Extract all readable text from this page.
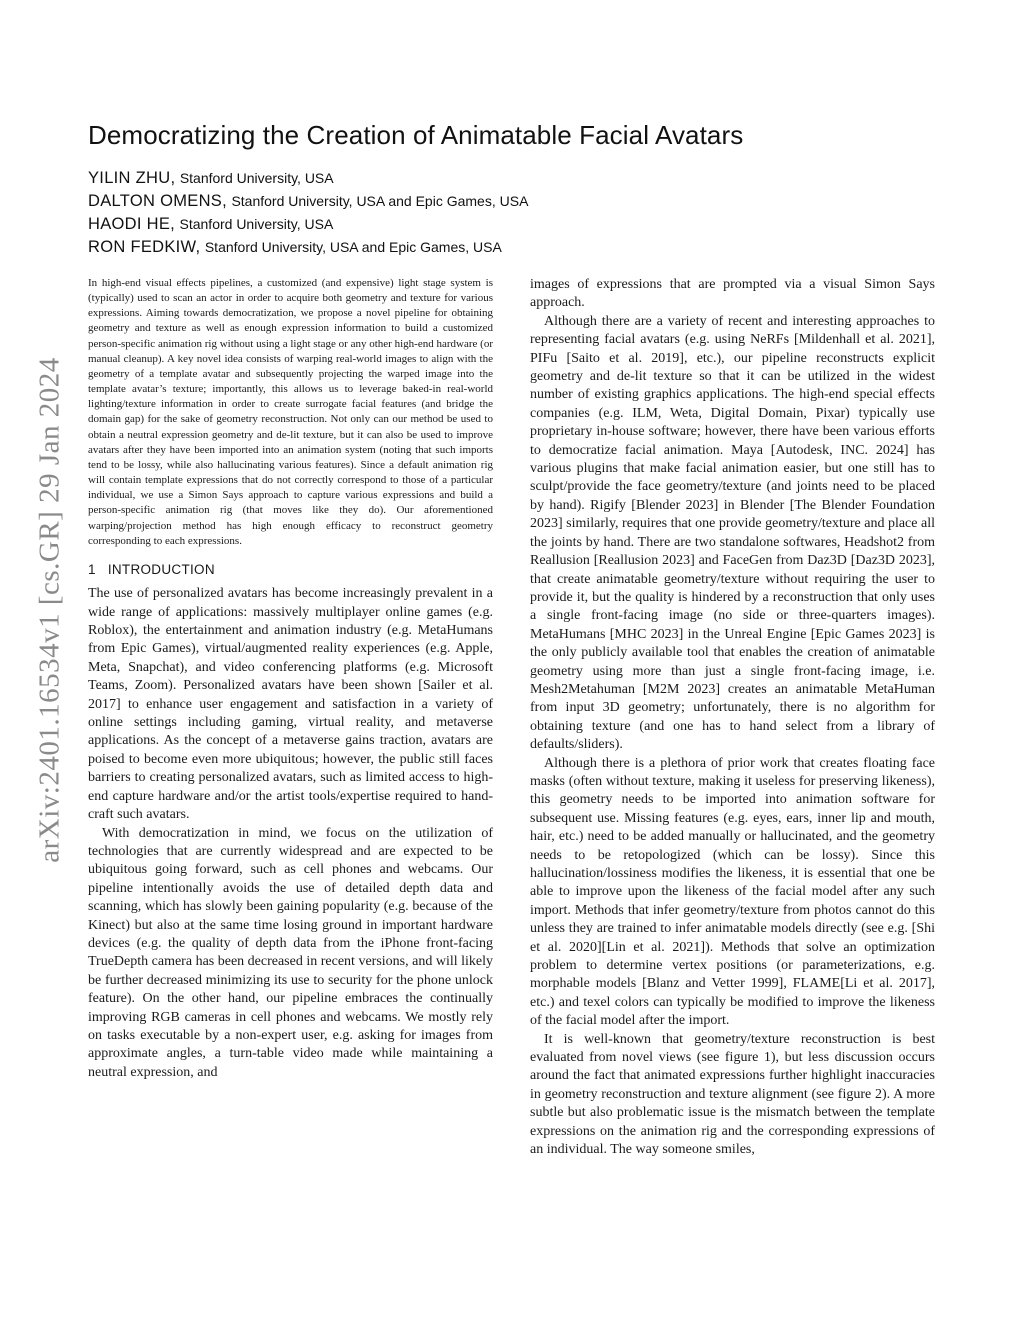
arXiv:2401.16534v1 [cs.GR] 29 Jan 2024
Democratizing the Creation of Animatable Facial Avatars

YILIN ZHU, Stanford University, USA

DALTON OMENS, Stanford University, USA and Epic Games, USA

HAODI HE, Stanford University, USA

RON FEDKIW, Stanford University, USA and Epic Games, USA

In high-end visual effects pipelines, a customized (and expensive) light stage system is (typically) used to scan an actor in order to acquire both geometry and texture for various expressions. Aiming towards democratization, we propose a novel pipeline for obtaining geometry and texture as well as enough expression information to build a customized person-specific animation rig without using a light stage or any other high-end hardware (or manual cleanup). A key novel idea consists of warping real-world images to align with the geometry of a template avatar and subsequently projecting the warped image into the template avatar’s texture; importantly, this allows us to leverage baked-in real-world lighting/texture information in order to create surrogate facial features (and bridge the domain gap) for the sake of geometry reconstruction. Not only can our method be used to obtain a neutral expression geometry and de-lit texture, but it can also be used to improve avatars after they have been imported into an animation system (noting that such imports tend to be lossy, while also hallucinating various features). Since a default animation rig will contain template expressions that do not correctly correspond to those of a particular individual, we use a Simon Says approach to capture various expressions and build a person-specific animation rig (that moves like they do). Our aforementioned warping/projection method has high enough efficacy to reconstruct geometry corresponding to each expressions.

1 INTRODUCTION

The use of personalized avatars has become increasingly prevalent in a wide range of applications: massively multiplayer online games (e.g. Roblox), the entertainment and animation industry (e.g. MetaHumans from Epic Games), virtual/augmented reality experiences (e.g. Apple, Meta, Snapchat), and video conferencing platforms (e.g. Microsoft Teams, Zoom). Personalized avatars have been shown [Sailer et al. 2017] to enhance user engagement and satisfaction in a variety of online settings including gaming, virtual reality, and metaverse applications. As the concept of a metaverse gains traction, avatars are poised to become even more ubiquitous; however, the public still faces barriers to creating personalized avatars, such as limited access to high-end capture hardware and/or the artist tools/expertise required to hand-craft such avatars.

With democratization in mind, we focus on the utilization of technologies that are currently widespread and are expected to be ubiquitous going forward, such as cell phones and webcams. Our pipeline intentionally avoids the use of detailed depth data and scanning, which has slowly been gaining popularity (e.g. because of the Kinect) but also at the same time losing ground in important hardware devices (e.g. the quality of depth data from the iPhone front-facing TrueDepth camera has been decreased in recent versions, and will likely be further decreased minimizing its use to security for the phone unlock feature). On the other hand, our pipeline embraces the continually improving RGB cameras in cell phones and webcams. We mostly rely on tasks executable by a non-expert user, e.g. asking for images from approximate angles, a turn-table video made while maintaining a neutral expression, and

images of expressions that are prompted via a visual Simon Says approach.

Although there are a variety of recent and interesting approaches to representing facial avatars (e.g. using NeRFs [Mildenhall et al. 2021], PIFu [Saito et al. 2019], etc.), our pipeline reconstructs explicit geometry and de-lit texture so that it can be utilized in the widest number of existing graphics applications. The high-end special effects companies (e.g. ILM, Weta, Digital Domain, Pixar) typically use proprietary in-house software; however, there have been various efforts to democratize facial animation. Maya [Autodesk, INC. 2024] has various plugins that make facial animation easier, but one still has to sculpt/provide the face geometry/texture (and joints need to be placed by hand). Rigify [Blender 2023] in Blender [The Blender Foundation 2023] similarly, requires that one provide geometry/texture and place all the joints by hand. There are two standalone softwares, Headshot2 from Reallusion [Reallusion 2023] and FaceGen from Daz3D [Daz3D 2023], that create animatable geometry/texture without requiring the user to provide it, but the quality is hindered by a reconstruction that only uses a single front-facing image (no side or three-quarters images). MetaHumans [MHC 2023] in the Unreal Engine [Epic Games 2023] is the only publicly available tool that enables the creation of animatable geometry using more than just a single front-facing image, i.e. Mesh2Metahuman [M2M 2023] creates an animatable MetaHuman from input 3D geometry; unfortunately, there is no algorithm for obtaining texture (and one has to hand select from a library of defaults/sliders).

Although there is a plethora of prior work that creates floating face masks (often without texture, making it useless for preserving likeness), this geometry needs to be imported into animation software for subsequent use. Missing features (e.g. eyes, ears, inner lip and mouth, hair, etc.) need to be added manually or hallucinated, and the geometry needs to be retopologized (which can be lossy). Since this hallucination/lossiness modifies the likeness, it is essential that one be able to improve upon the likeness of the facial model after any such import. Methods that infer geometry/texture from photos cannot do this unless they are trained to infer animatable models directly (see e.g. [Shi et al. 2020][Lin et al. 2021]). Methods that solve an optimization problem to determine vertex positions (or parameterizations, e.g. morphable models [Blanz and Vetter 1999], FLAME[Li et al. 2017], etc.) and texel colors can typically be modified to improve the likeness of the facial model after the import.

It is well-known that geometry/texture reconstruction is best evaluated from novel views (see figure 1), but less discussion occurs around the fact that animated expressions further highlight inaccuracies in geometry reconstruction and texture alignment (see figure 2). A more subtle but also problematic issue is the mismatch between the template expressions on the animation rig and the corresponding expressions of an individual. The way someone smiles,
